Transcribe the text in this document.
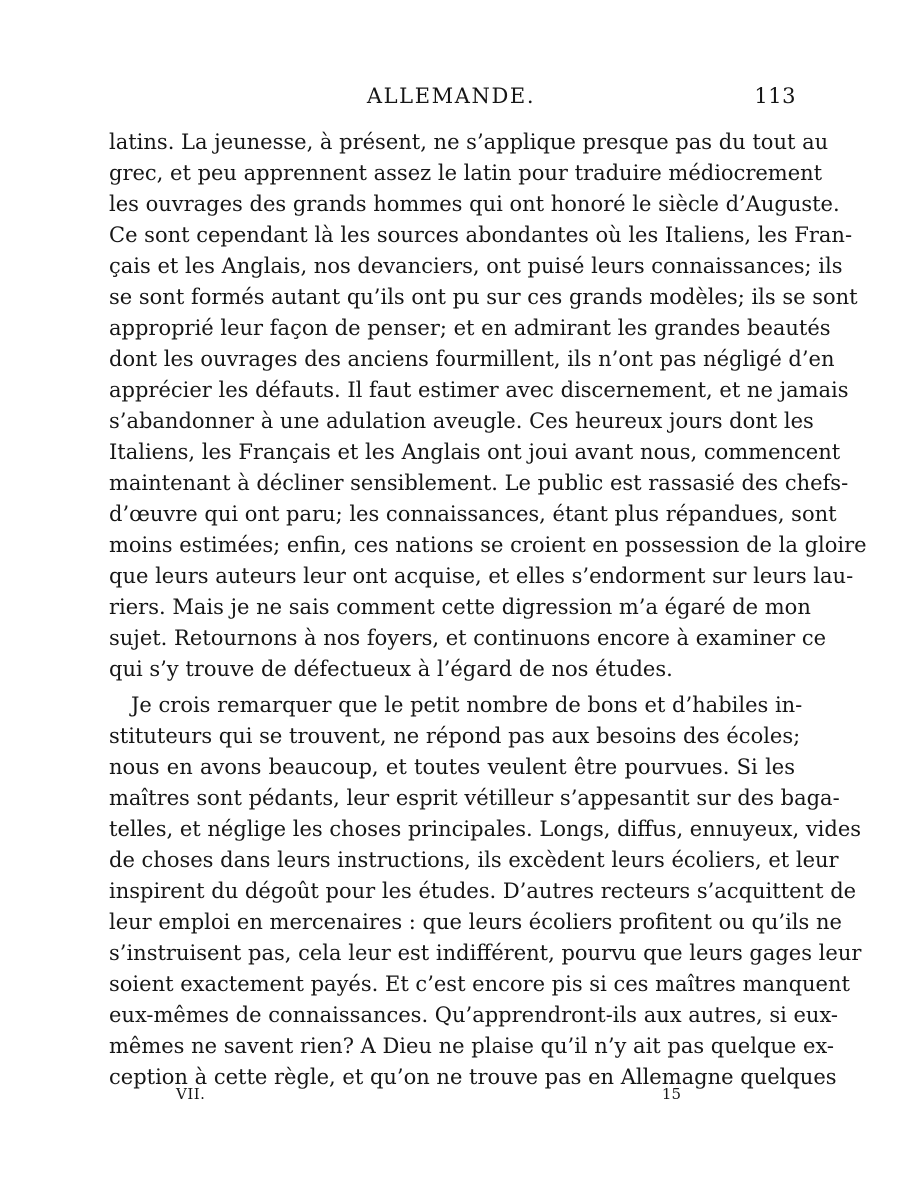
ALLEMANDE.	113
latins. La jeunesse, à présent, ne s’applique presque pas du tout au
grec, et peu apprennent assez le latin pour traduire médiocrement
les ouvrages des grands hommes qui ont honoré le siècle d’Auguste.
Ce sont cependant là les sources abondantes où les Italiens, les Fran-
çais et les Anglais, nos devanciers, ont puisé leurs connaissances; ils
se sont formés autant qu’ils ont pu sur ces grands modèles; ils se sont
approprié leur façon de penser; et en admirant les grandes beautés
dont les ouvrages des anciens fourmillent, ils n’ont pas négligé d’en
apprécier les défauts. Il faut estimer avec discernement, et ne jamais
s’abandonner à une adulation aveugle. Ces heureux jours dont les
Italiens, les Français et les Anglais ont joui avant nous, commencent
maintenant à décliner sensiblement. Le public est rassasié des chefs-
d’œuvre qui ont paru; les connaissances, étant plus répandues, sont
moins estimées; enfin, ces nations se croient en possession de la gloire
que leurs auteurs leur ont acquise, et elles s’endorment sur leurs lau-
riers. Mais je ne sais comment cette digression m’a égaré de mon
sujet. Retournons à nos foyers, et continuons encore à examiner ce
qui s’y trouve de défectueux à l’égard de nos études.
Je crois remarquer que le petit nombre de bons et d’habiles in-
stituteurs qui se trouvent, ne répond pas aux besoins des écoles;
nous en avons beaucoup, et toutes veulent être pourvues. Si les
maîtres sont pédants, leur esprit vétilleur s’appesantit sur des baga-
telles, et néglige les choses principales. Longs, diffus, ennuyeux, vides
de choses dans leurs instructions, ils excèdent leurs écoliers, et leur
inspirent du dégoût pour les études. D’autres recteurs s’acquittent de
leur emploi en mercenaires : que leurs écoliers profitent ou qu’ils ne
s’instruisent pas, cela leur est indifférent, pourvu que leurs gages leur
soient exactement payés. Et c’est encore pis si ces maîtres manquent
eux-mêmes de connaissances. Qu’apprendront-ils aux autres, si eux-
mêmes ne savent rien? A Dieu ne plaise qu’il n’y ait pas quelque ex-
ception à cette règle, et qu’on ne trouve pas en Allemagne quelques
VII.	15
